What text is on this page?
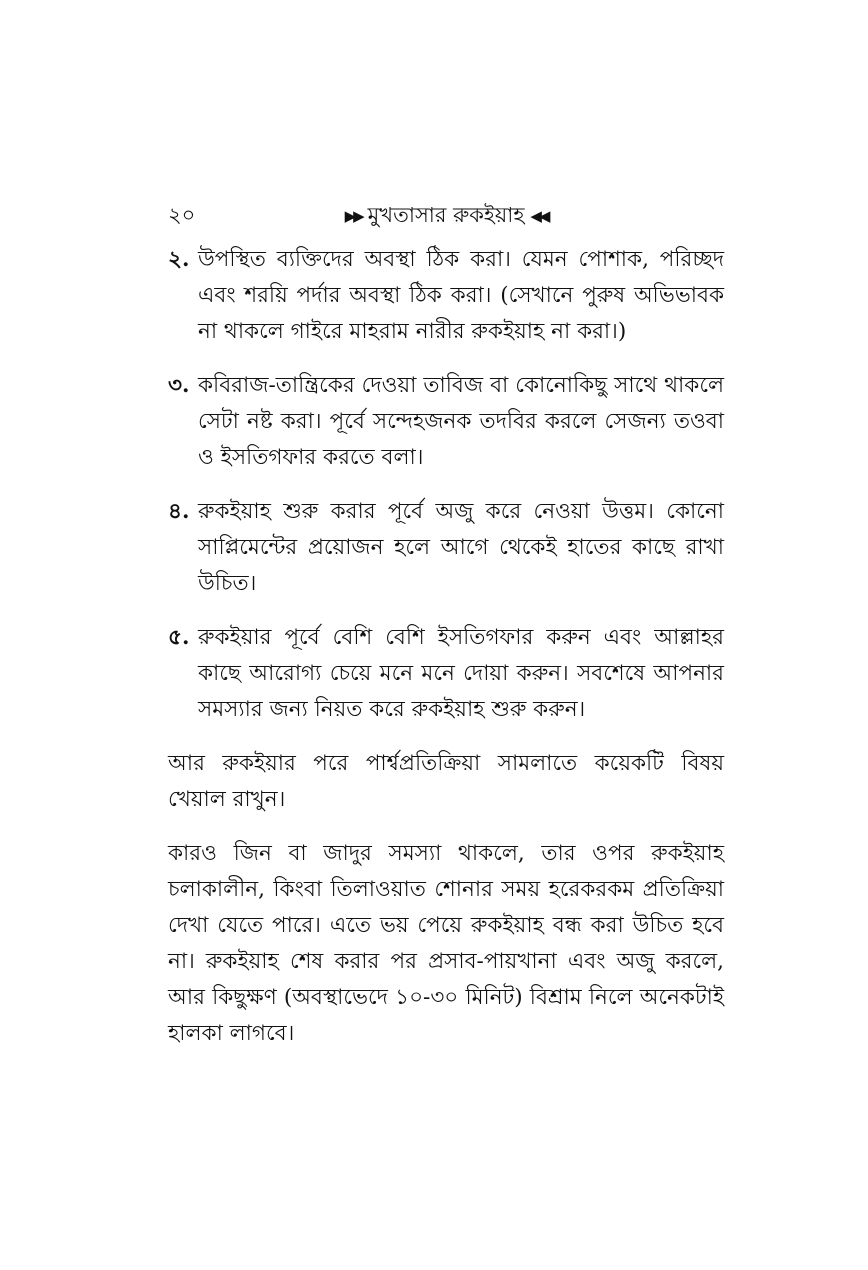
২০	▶▶ মুখতাসার রুকইয়াহ ◀◀
২. উপস্থিত ব্যক্তিদের অবস্থা ঠিক করা। যেমন পোশাক, পরিচ্ছদ এবং শরয়ি পর্দার অবস্থা ঠিক করা। (সেখানে পুরুষ অভিভাবক না থাকলে গাইরে মাহরাম নারীর রুকইয়াহ না করা।)
৩. কবিরাজ-তান্ত্রিকের দেওয়া তাবিজ বা কোনোকিছু সাথে থাকলে সেটা নষ্ট করা। পূর্বে সন্দেহজনক তদবির করলে সেজন্য তওবা ও ইসতিগফার করতে বলা।
৪. রুকইয়াহ শুরু করার পূর্বে অজু করে নেওয়া উত্তম। কোনো সাপ্লিমেন্টের প্রয়োজন হলে আগে থেকেই হাতের কাছে রাখা উচিত।
৫. রুকইয়ার পূর্বে বেশি বেশি ইসতিগফার করুন এবং আল্লাহর কাছে আরোগ্য চেয়ে মনে মনে দোয়া করুন। সবশেষে আপনার সমস্যার জন্য নিয়ত করে রুকইয়াহ শুরু করুন।

আর রুকইয়ার পরে পার্শ্বপ্রতিক্রিয়া সামলাতে কয়েকটি বিষয় খেয়াল রাখুন।

কারও জিন বা জাদুর সমস্যা থাকলে, তার ওপর রুকইয়াহ চলাকালীন, কিংবা তিলাওয়াত শোনার সময় হরেকরকম প্রতিক্রিয়া দেখা যেতে পারে। এতে ভয় পেয়ে রুকইয়াহ বন্ধ করা উচিত হবে না। রুকইয়াহ শেষ করার পর প্রসাব-পায়খানা এবং অজু করলে, আর কিছুক্ষণ (অবস্থাভেদে ১০-৩০ মিনিট) বিশ্রাম নিলে অনেকটাই হালকা লাগবে।
